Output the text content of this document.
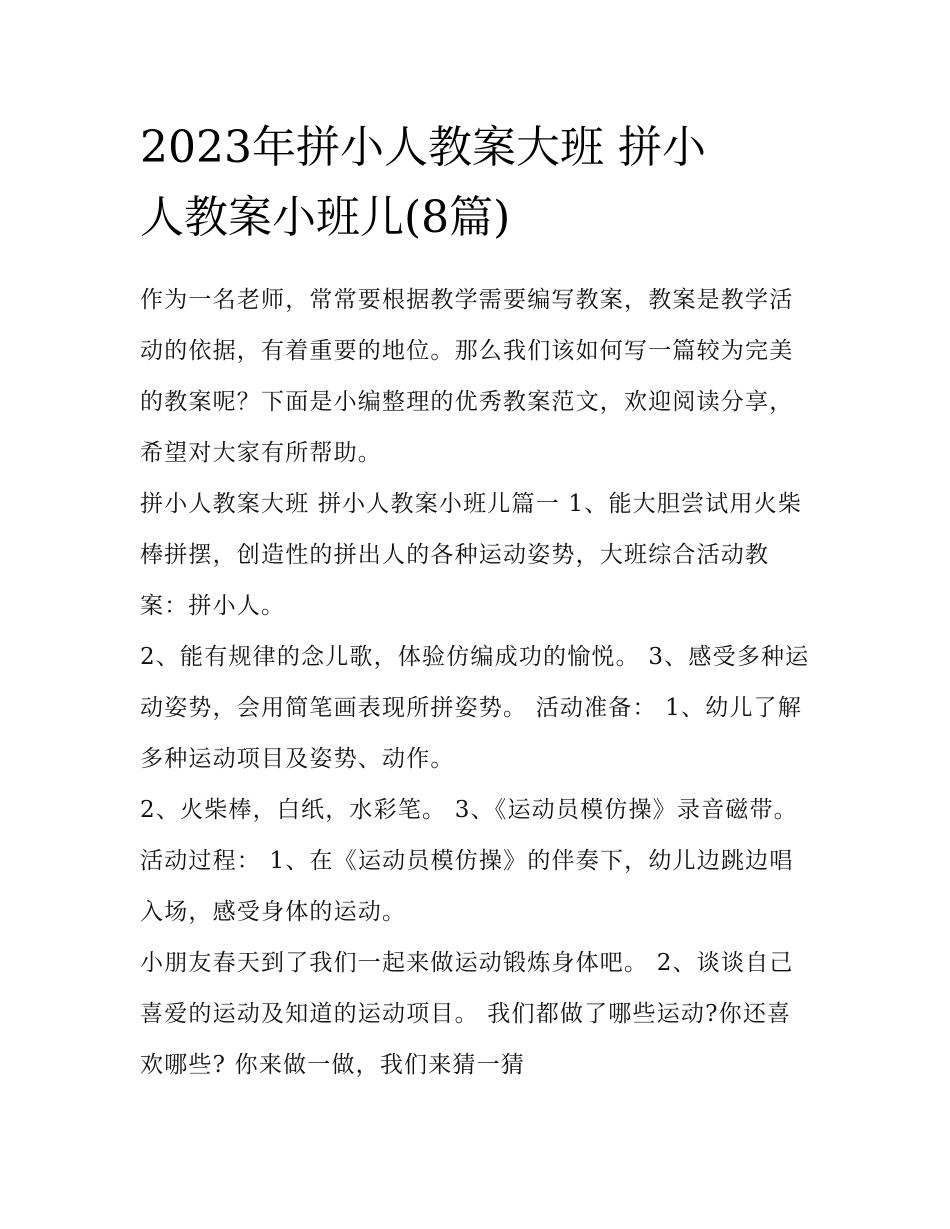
2023年拼小人教案大班 拼小
人教案小班儿(8篇)

作为一名老师，常常要根据教学需要编写教案，教案是教学活动的依据，有着重要的地位。那么我们该如何写一篇较为完美的教案呢？下面是小编整理的优秀教案范文，欢迎阅读分享，希望对大家有所帮助。

拼小人教案大班 拼小人教案小班儿篇一 1、能大胆尝试用火柴棒拼摆，创造性的拼出人的各种运动姿势，大班综合活动教案：拼小人。

2、能有规律的念儿歌，体验仿编成功的愉悦。 3、感受多种运动姿势，会用简笔画表现所拼姿势。 活动准备： 1、幼儿了解多种运动项目及姿势、动作。

2、火柴棒，白纸，水彩笔。 3、《运动员模仿操》录音磁带。 活动过程： 1、在《运动员模仿操》的伴奏下，幼儿边跳边唱入场，感受身体的运动。

小朋友春天到了我们一起来做运动锻炼身体吧。 2、谈谈自己喜爱的运动及知道的运动项目。 我们都做了哪些运动?你还喜欢哪些? 你来做一做，我们来猜一猜
